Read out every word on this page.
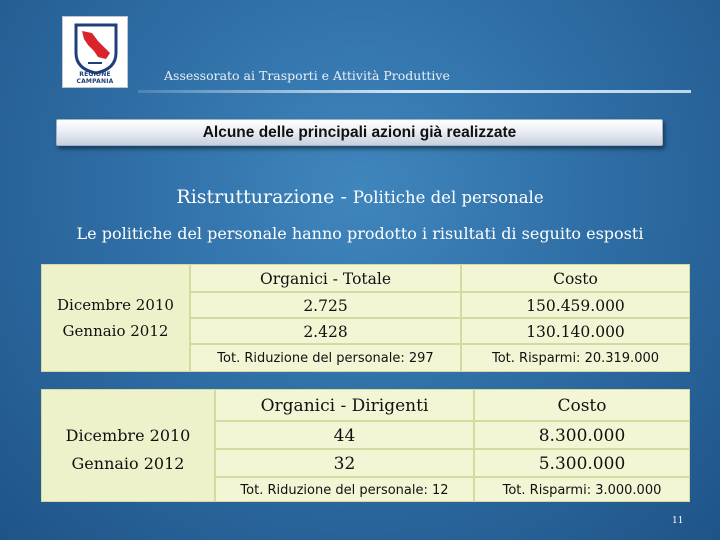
REGIONE CAMPANIA	Assessorato ai Trasporti e Attività Produttive
Alcune delle principali azioni già realizzate
Ristrutturazione - Politiche del personale
Le politiche del personale hanno prodotto i risultati di seguito esposti
Dicembre 2010
Gennaio 2012
Organici - Totale	Costo
2.725	150.459.000
2.428	130.140.000
Tot. Riduzione del personale: 297	Tot. Risparmi: 20.319.000
Dicembre 2010
Gennaio 2012
Organici - Dirigenti	Costo
44	8.300.000
32	5.300.000
Tot. Riduzione del personale: 12	Tot. Risparmi: 3.000.000
11
